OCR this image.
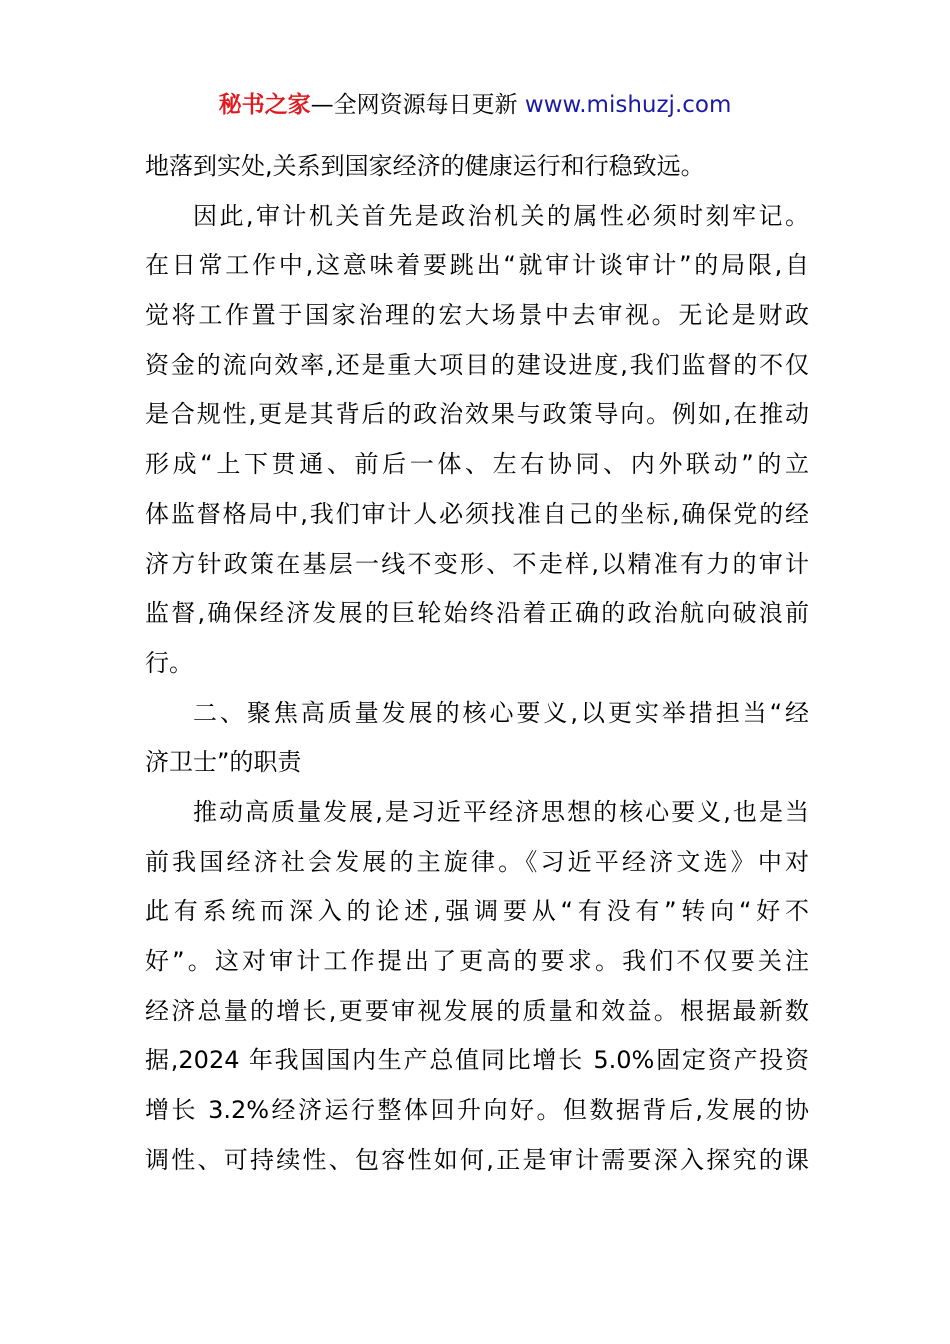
秘书之家—全网资源每日更新 www.mishuzj.com
地落到实处,关系到国家经济的健康运行和行稳致远。
因此,审计机关首先是政治机关的属性必须时刻牢记。
在日常工作中,这意味着要跳出“就审计谈审计”的局限,自
觉将工作置于国家治理的宏大场景中去审视。无论是财政
资金的流向效率,还是重大项目的建设进度,我们监督的不仅
是合规性,更是其背后的政治效果与政策导向。例如,在推动
形成“上下贯通、前后一体、左右协同、内外联动”的立
体监督格局中,我们审计人必须找准自己的坐标,确保党的经
济方针政策在基层一线不变形、不走样,以精准有力的审计
监督,确保经济发展的巨轮始终沿着正确的政治航向破浪前
行。
二、聚焦高质量发展的核心要义,以更实举措担当“经
济卫士”的职责
推动高质量发展,是习近平经济思想的核心要义,也是当
前我国经济社会发展的主旋律。《习近平经济文选》中对
此有系统而深入的论述,强调要从“有没有”转向“好不
好”。这对审计工作提出了更高的要求。我们不仅要关注
经济总量的增长,更要审视发展的质量和效益。根据最新数
据,2024 年我国国内生产总值同比增长 5.0%固定资产投资
增长 3.2%经济运行整体回升向好。但数据背后,发展的协
调性、可持续性、包容性如何,正是审计需要深入探究的课
